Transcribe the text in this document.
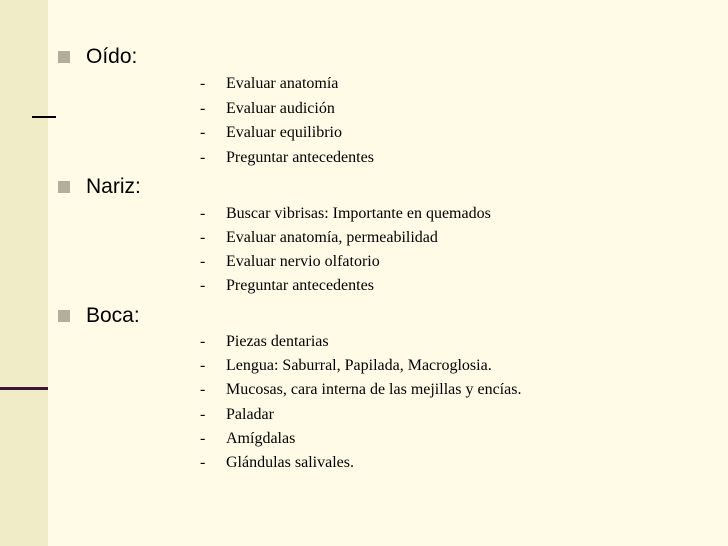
Oído:
-	Evaluar anatomía
-	Evaluar audición
-	Evaluar equilibrio
-	Preguntar antecedentes
Nariz:
-	Buscar vibrisas: Importante en quemados
-	Evaluar anatomía, permeabilidad
-	Evaluar nervio olfatorio
-	Preguntar antecedentes
Boca:
-	Piezas dentarias
-	Lengua: Saburral, Papilada, Macroglosia.
-	Mucosas, cara interna de las mejillas y encías.
-	Paladar
-	Amígdalas
-	Glándulas salivales.
